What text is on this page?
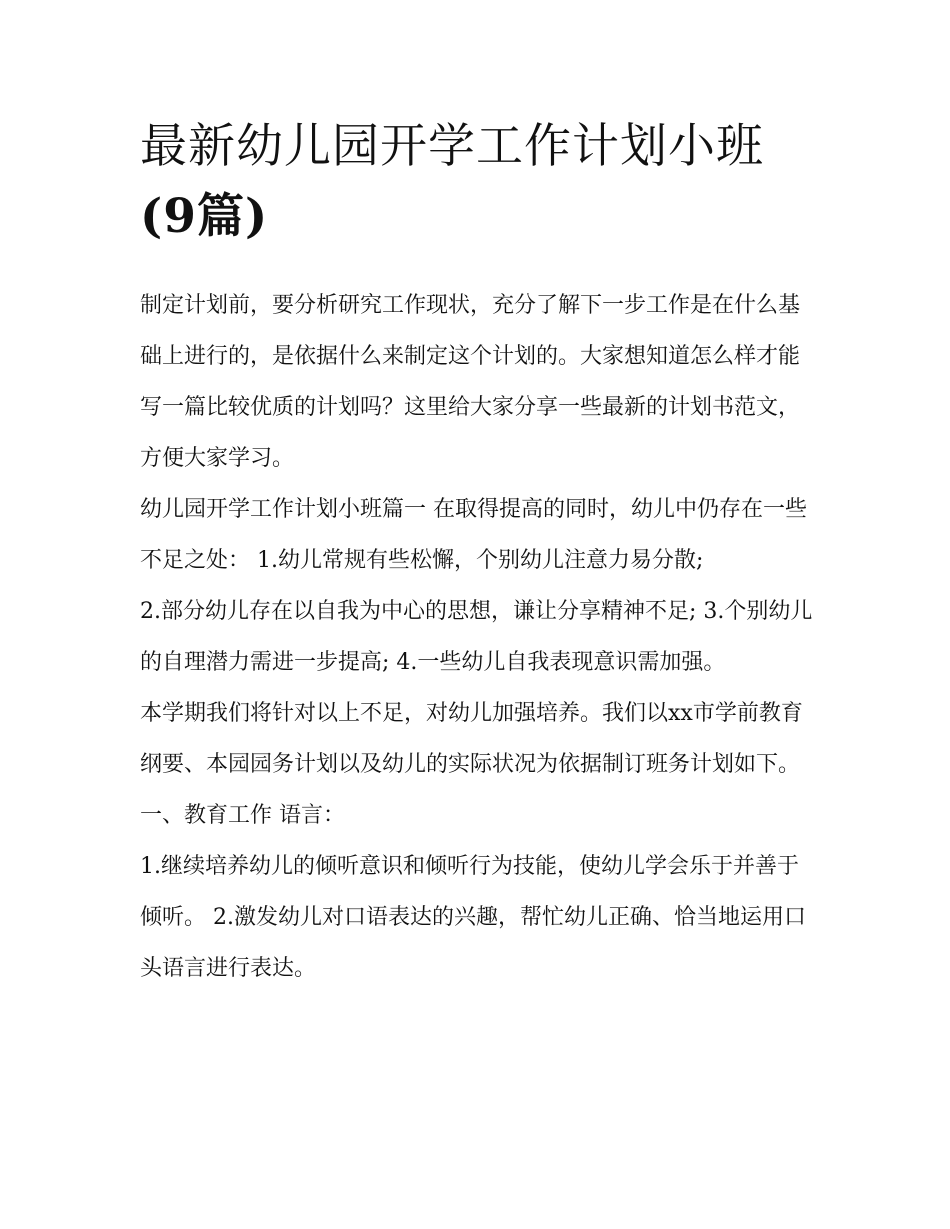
最新幼儿园开学工作计划小班
(9篇)

制定计划前，要分析研究工作现状，充分了解下一步工作是在什么基础上进行的，是依据什么来制定这个计划的。大家想知道怎么样才能写一篇比较优质的计划吗？这里给大家分享一些最新的计划书范文，方便大家学习。

幼儿园开学工作计划小班篇一 在取得提高的同时，幼儿中仍存在一些不足之处： 1.幼儿常规有些松懈，个别幼儿注意力易分散;

2.部分幼儿存在以自我为中心的思想，谦让分享精神不足; 3.个别幼儿的自理潜力需进一步提高; 4.一些幼儿自我表现意识需加强。

本学期我们将针对以上不足，对幼儿加强培养。我们以xx市学前教育纲要、本园园务计划以及幼儿的实际状况为依据制订班务计划如下。 一、教育工作 语言：

1.继续培养幼儿的倾听意识和倾听行为技能，使幼儿学会乐于并善于倾听。 2.激发幼儿对口语表达的兴趣，帮忙幼儿正确、恰当地运用口头语言进行表达。
